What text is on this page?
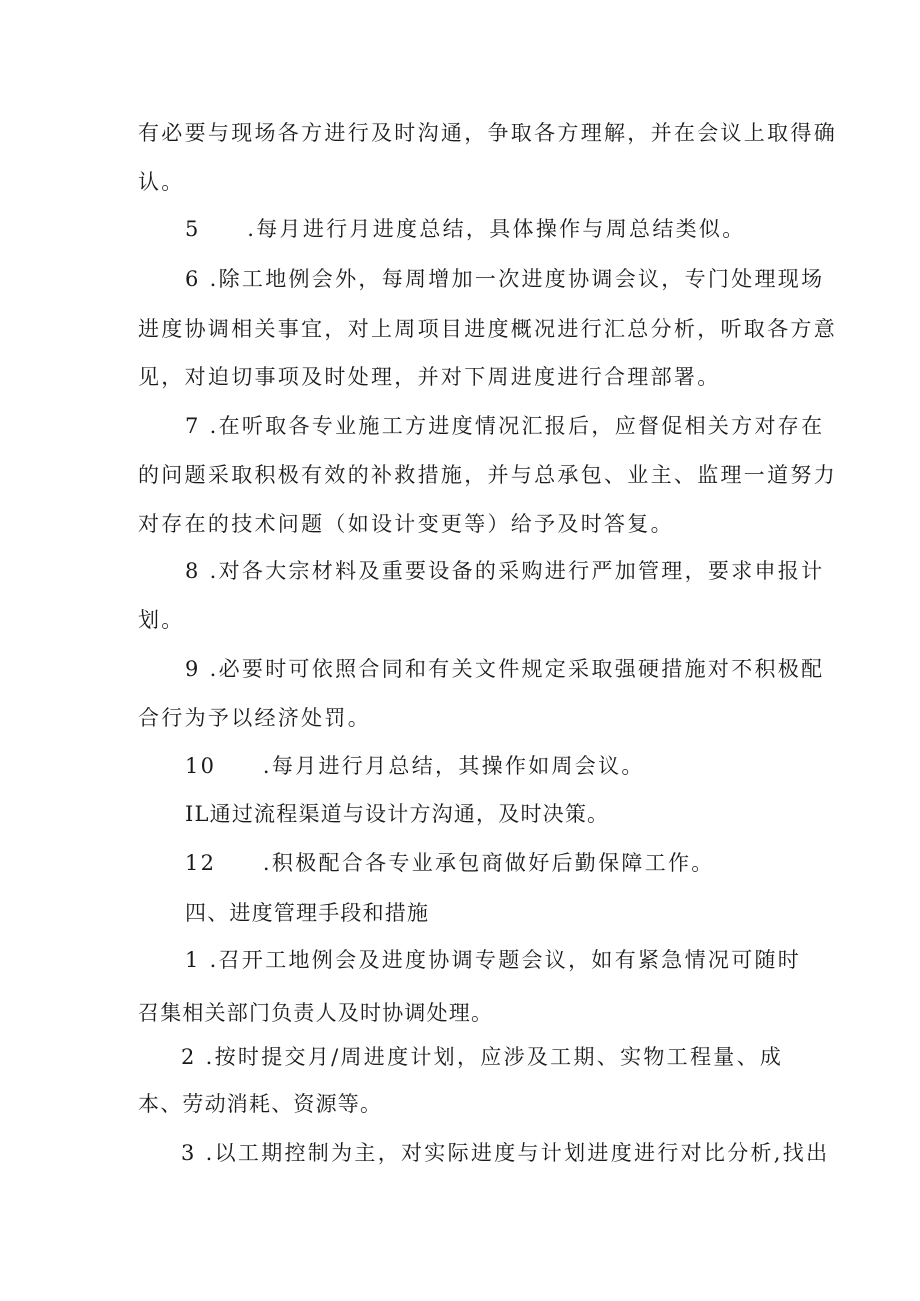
有必要与现场各方进行及时沟通，争取各方理解，并在会议上取得确
认。
5　　.每月进行月进度总结，具体操作与周总结类似。
6 .除工地例会外，每周增加一次进度协调会议，专门处理现场
进度协调相关事宜，对上周项目进度概况进行汇总分析，听取各方意
见，对迫切事项及时处理，并对下周进度进行合理部署。
7 .在听取各专业施工方进度情况汇报后，应督促相关方对存在
的问题采取积极有效的补救措施，并与总承包、业主、监理一道努力
对存在的技术问题（如设计变更等）给予及时答复。
8 .对各大宗材料及重要设备的采购进行严加管理，要求申报计
划。
9 .必要时可依照合同和有关文件规定采取强硬措施对不积极配
合行为予以经济处罚。
10　　.每月进行月总结，其操作如周会议。
IL通过流程渠道与设计方沟通，及时决策。
12　　.积极配合各专业承包商做好后勤保障工作。
四、进度管理手段和措施
1 .召开工地例会及进度协调专题会议，如有紧急情况可随时
召集相关部门负责人及时协调处理。
2 .按时提交月/周进度计划，应涉及工期、实物工程量、成
本、劳动消耗、资源等。
3 .以工期控制为主，对实际进度与计划进度进行对比分析,找出
